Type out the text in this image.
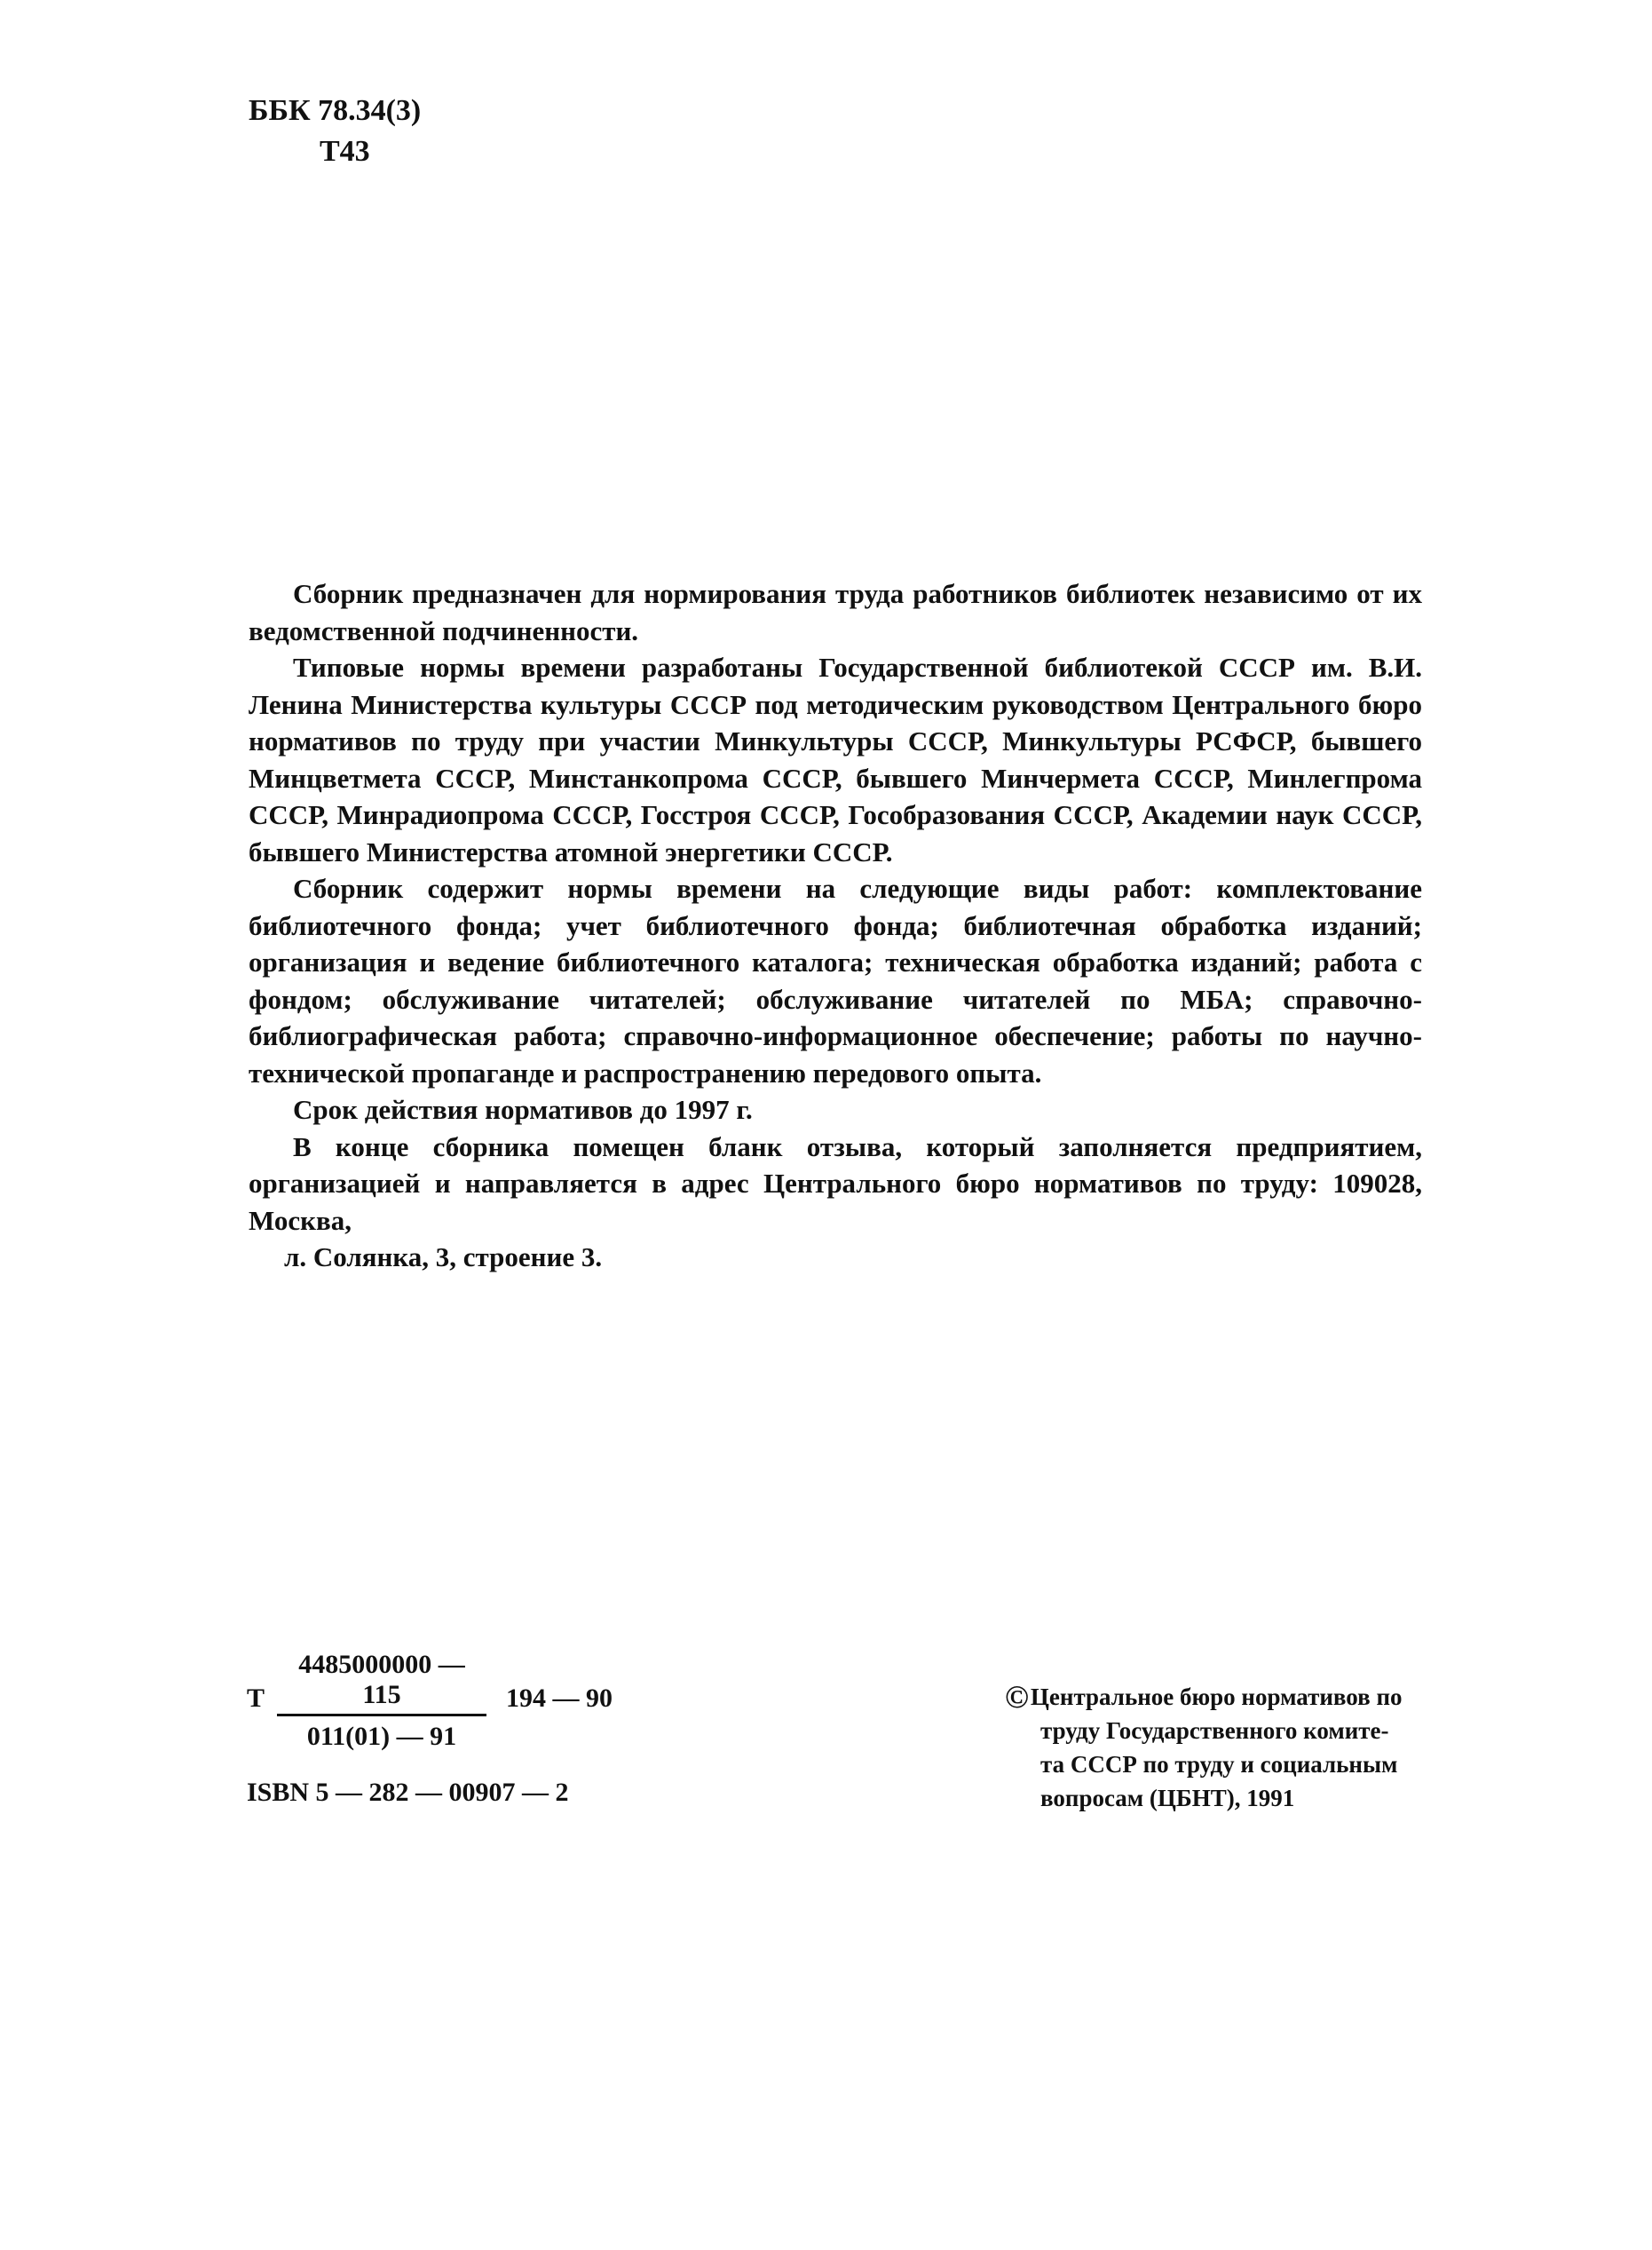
ББК 78.34(3)
Т43

Сборник предназначен для нормирования труда работников библиотек независимо от их ведомственной подчиненности.

Типовые нормы времени разработаны Государственной библиотекой СССР им. В.И. Ленина Министерства культуры СССР под методическим руководством Центрального бюро нормативов по труду при участии Минкультуры СССР, Минкультуры РСФСР, бывшего Минцветмета СССР, Минстанкопрома СССР, бывшего Минчермета СССР, Минлегпрома СССР, Минрадиопрома СССР, Госстроя СССР, Гособразования СССР, Академии наук СССР, бывшего Министерства атомной энергетики СССР.

Сборник содержит нормы времени на следующие виды работ: комплектование библиотечного фонда; учет библиотечного фонда; библиотечная обработка изданий; организация и ведение библиотечного каталога; техническая обработка изданий; работа с фондом; обслуживание читателей; обслуживание читателей по МБА; справочно-библиографическая работа; справочно-информационное обеспечение; работы по научно-технической пропаганде и распространению передового опыта.

Срок действия нормативов до 1997 г.

В конце сборника помещен бланк отзыва, который заполняется предприятием, организацией и направляется в адрес Центрального бюро нормативов по труду: 109028, Москва,

л. Солянка, 3, строение 3.

Т $\frac{4485000000 — 115}{011(01) — 91} 194$ — 90
ISBN 5 — 282 — 00907 — 2
©Центральное бюро нормативов по
труду Государственного комите-
та СССР по труду и социальным
вопросам (ЦБНТ), 1991
